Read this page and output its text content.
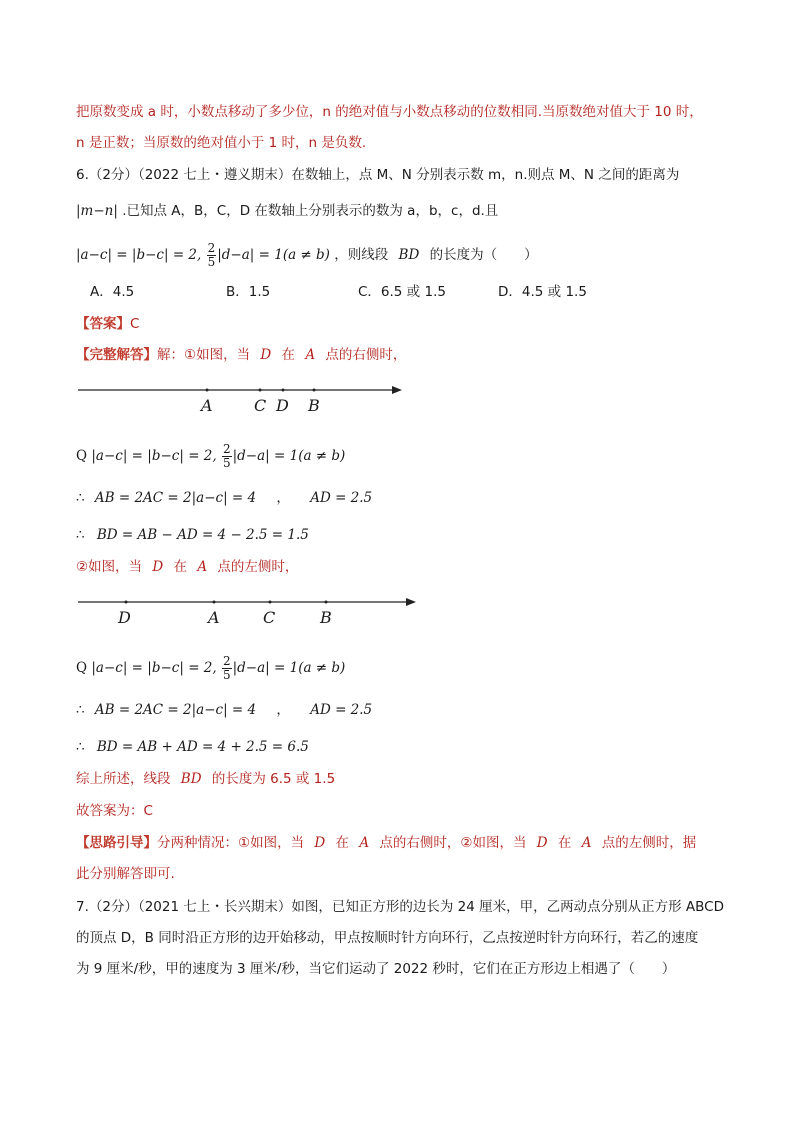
把原数变成 a 时，小数点移动了多少位，n 的绝对值与小数点移动的位数相同.当原数绝对值大于 10 时，
n 是正数；当原数的绝对值小于 1 时，n 是负数.
6.（2分）（2022 七上・遵义期末）在数轴上，点 M、N 分别表示数 m，n.则点 M、N 之间的距离为
|m−n| .已知点 A，B，C，D 在数轴上分别表示的数为 a，b，c，d.且
|a−c| = |b−c| = 2, $\frac{2}{5} |d-a| = 1(a \ne b)$ ，则线段 BD 的长度为（　　）
A．4.5	B．1.5	C．6.5 或 1.5	D．4.5 或 1.5
【答案】C
【完整解答】解：①如图，当 D 在 A 点的右侧时，
A	C D B
Q |a−c| = |b−c| = 2, $\frac{2}{5} |d-a| = 1(a \ne b)$
∴ AB = 2AC = 2|a−c| = 4 ， AD = 2.5
∴ BD = AB − AD = 4 − 2.5 = 1.5
②如图，当 D 在 A 点的左侧时，
D	A	C	B
Q |a−c| = |b−c| = 2, $\frac{2}{5} |d-a| = 1(a \ne b)$
∴ AB = 2AC = 2|a−c| = 4 ， AD = 2.5
∴ BD = AB + AD = 4 + 2.5 = 6.5
综上所述，线段 BD 的长度为 6.5 或 1.5
故答案为：C
【思路引导】分两种情况：①如图，当 D 在 A 点的右侧时，②如图，当 D 在 A 点的左侧时，据
此分别解答即可.
7.（2分）（2021 七上・长兴期末）如图，已知正方形的边长为 24 厘米，甲，乙两动点分别从正方形 ABCD
的顶点 D，B 同时沿正方形的边开始移动，甲点按顺时针方向环行，乙点按逆时针方向环行，若乙的速度
为 9 厘米/秒，甲的速度为 3 厘米/秒，当它们运动了 2022 秒时，它们在正方形边上相遇了（　　）
